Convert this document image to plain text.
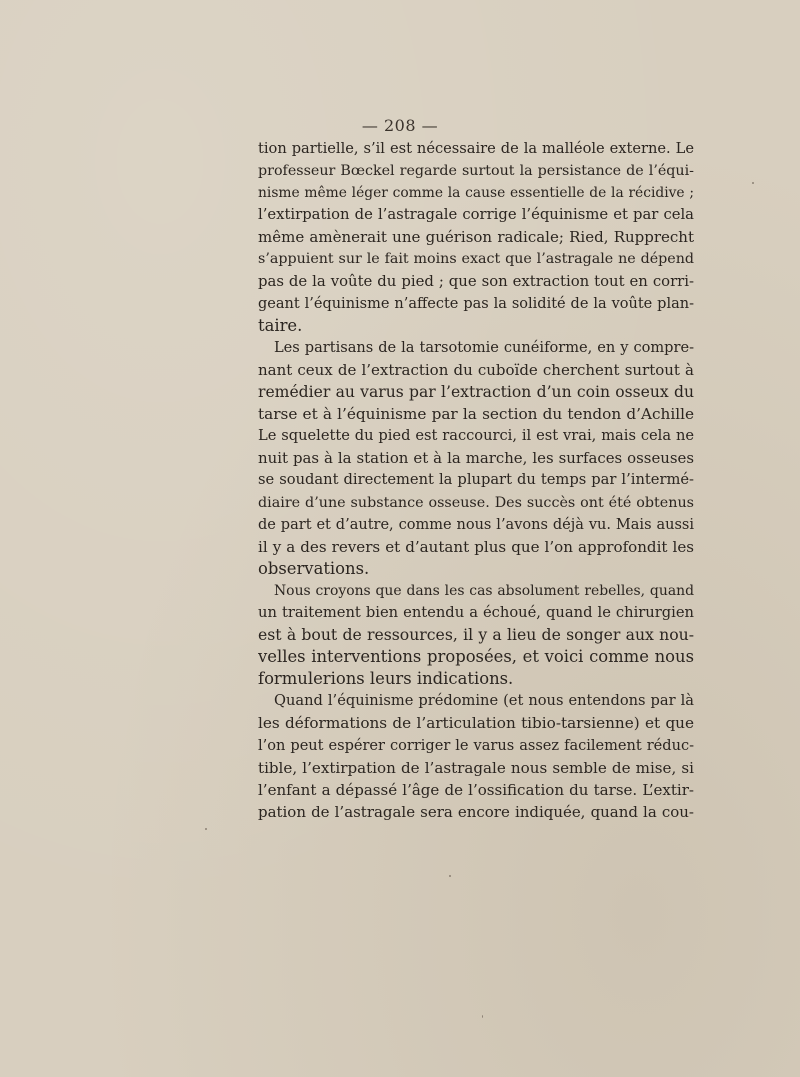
— 208 —
tion partielle, s’il est nécessaire de la malléole externe. Le
professeur Bœckel regarde surtout la persistance de l’équi-
nisme même léger comme la cause essentielle de la récidive ;
l’extirpation de l’astragale corrige l’équinisme et par cela
même amènerait une guérison radicale; Ried, Rupprecht
s’appuient sur le fait moins exact que l’astragale ne dépend
pas de la voûte du pied ; que son extraction tout en corri-
geant l’équinisme n’affecte pas la solidité de la voûte plan-
taire.
Les partisans de la tarsotomie cunéiforme, en y compre-
nant ceux de l’extraction du cuboïde cherchent surtout à
remédier au varus par l’extraction d’un coin osseux du
tarse et à l’équinisme par la section du tendon d’Achille
Le squelette du pied est raccourci, il est vrai, mais cela ne
nuit pas à la station et à la marche, les surfaces osseuses
se soudant directement la plupart du temps par l’intermé-
diaire d’une substance osseuse. Des succès ont été obtenus
de part et d’autre, comme nous l’avons déjà vu. Mais aussi
il y a des revers et d’autant plus que l’on approfondit les
observations.
Nous croyons que dans les cas absolument rebelles, quand
un traitement bien entendu a échoué, quand le chirurgien
est à bout de ressources, il y a lieu de songer aux nou-
velles interventions proposées, et voici comme nous
formulerions leurs indications.
Quand l’équinisme prédomine (et nous entendons par là
les déformations de l’articulation tibio-tarsienne) et que
l’on peut espérer corriger le varus assez facilement réduc-
tible, l’extirpation de l’astragale nous semble de mise, si
l’enfant a dépassé l’âge de l’ossification du tarse. L’extir-
pation de l’astragale sera encore indiquée, quand la cou-
